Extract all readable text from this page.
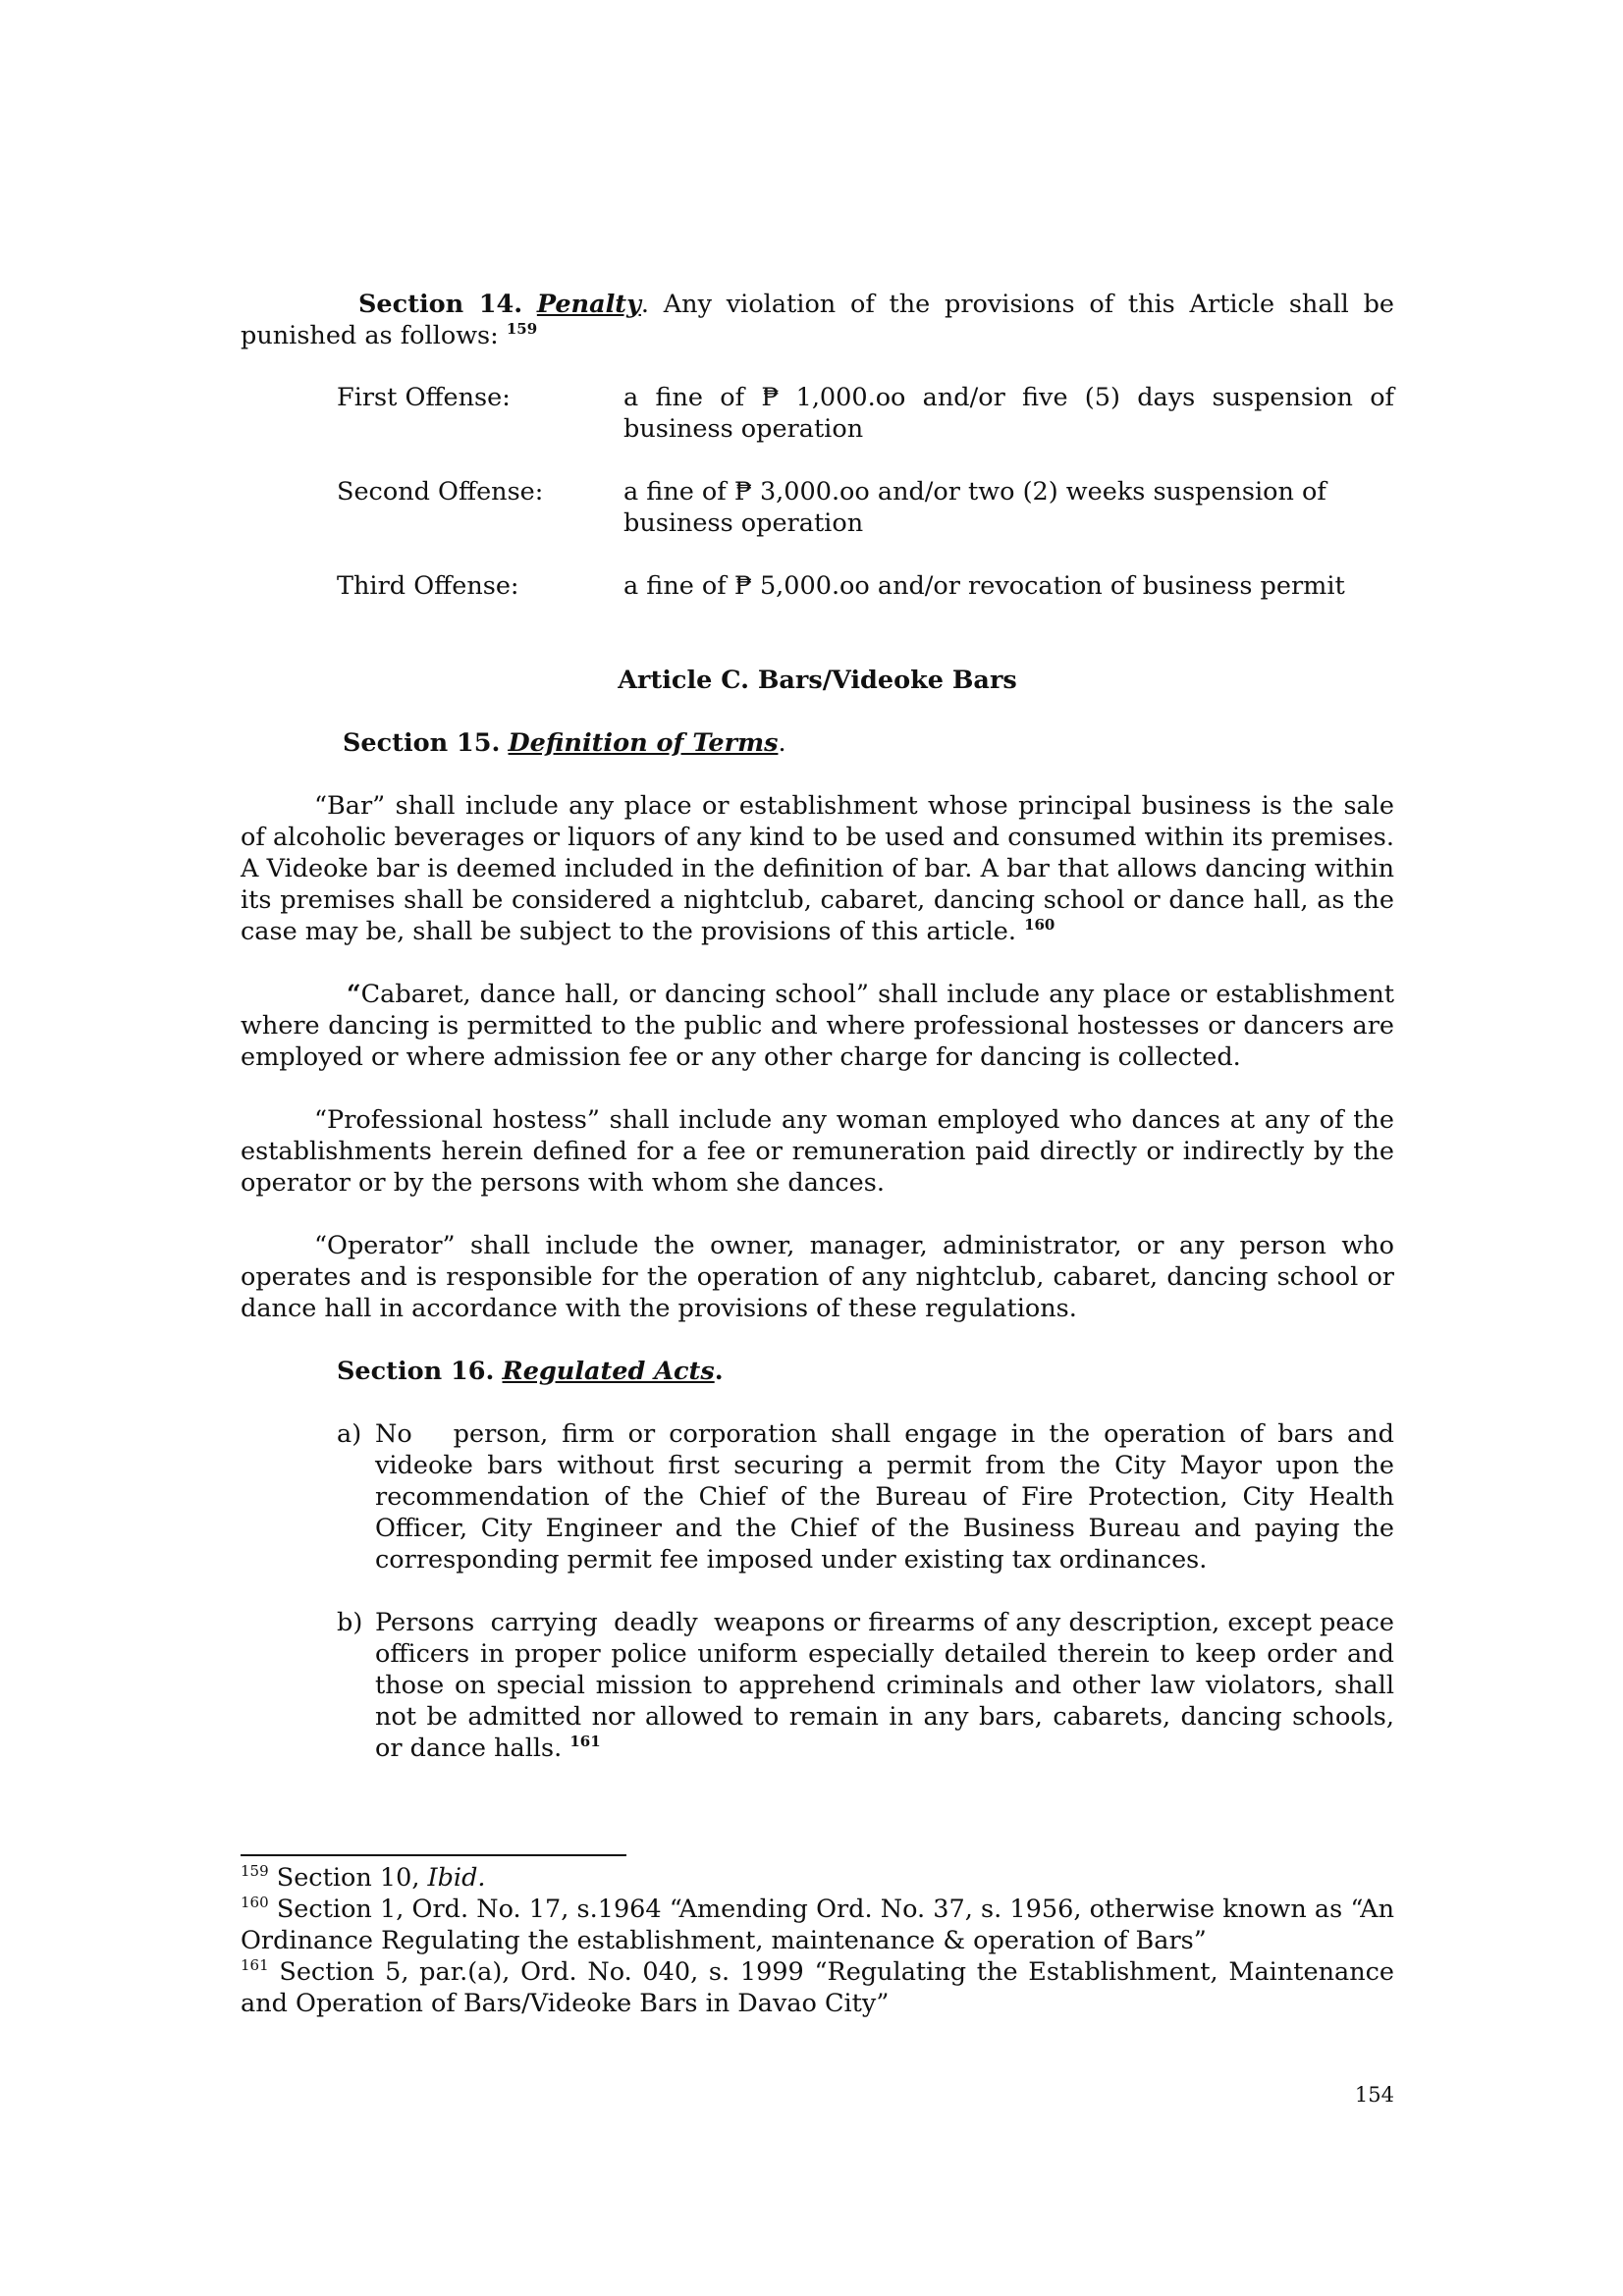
Section 14. Penalty. Any violation of the provisions of this Article shall be punished as follows: $^{159}$

First Offense:	a fine of ₱ 1,000.oo and/or five (5) days suspension of business operation
Second Offense:	a fine of ₱ 3,000.oo and/or two (2) weeks suspension of business operation
Third Offense:	a fine of ₱ 5,000.oo and/or revocation of business permit

Article C. Bars/Videoke Bars

Section 15. Definition of Terms.

“Bar” shall include any place or establishment whose principal business is the sale of alcoholic beverages or liquors of any kind to be used and consumed within its premises. A Videoke bar is deemed included in the definition of bar. A bar that allows dancing within its premises shall be considered a nightclub, cabaret, dancing school or dance hall, as the case may be, shall be subject to the provisions of this article. $^{160}$

“Cabaret, dance hall, or dancing school” shall include any place or establishment where dancing is permitted to the public and where professional hostesses or dancers are employed or where admission fee or any other charge for dancing is collected.

“Professional hostess” shall include any woman employed who dances at any of the establishments herein defined for a fee or remuneration paid directly or indirectly by the operator or by the persons with whom she dances.

“Operator” shall include the owner, manager, administrator, or any person who operates and is responsible for the operation of any nightclub, cabaret, dancing school or dance hall in accordance with the provisions of these regulations.

Section 16. Regulated Acts.

a) No   person, firm or corporation shall engage in the operation of bars and videoke bars without first securing a permit from the City Mayor upon the recommendation of the Chief of the Bureau of Fire Protection, City Health Officer, City Engineer and the Chief of the Business Bureau and paying the corresponding permit fee imposed under existing tax ordinances.
b) Persons  carrying  deadly  weapons or firearms of any description, except peace officers in proper police uniform especially detailed therein to keep order and those on special mission to apprehend criminals and other law violators, shall not be admitted nor allowed to remain in any bars, cabarets, dancing schools, or dance halls. $^{161}$

$^{159}$ Section 10, Ibid.

$^{160}$ Section 1, Ord. No. 17, s.1964 “Amending Ord. No. 37, s. 1956, otherwise known as “An Ordinance Regulating the establishment, maintenance & operation of Bars”

$^{161}$ Section 5, par.(a), Ord. No. 040, s. 1999 “Regulating the Establishment, Maintenance and Operation of Bars/Videoke Bars in Davao City”

154
